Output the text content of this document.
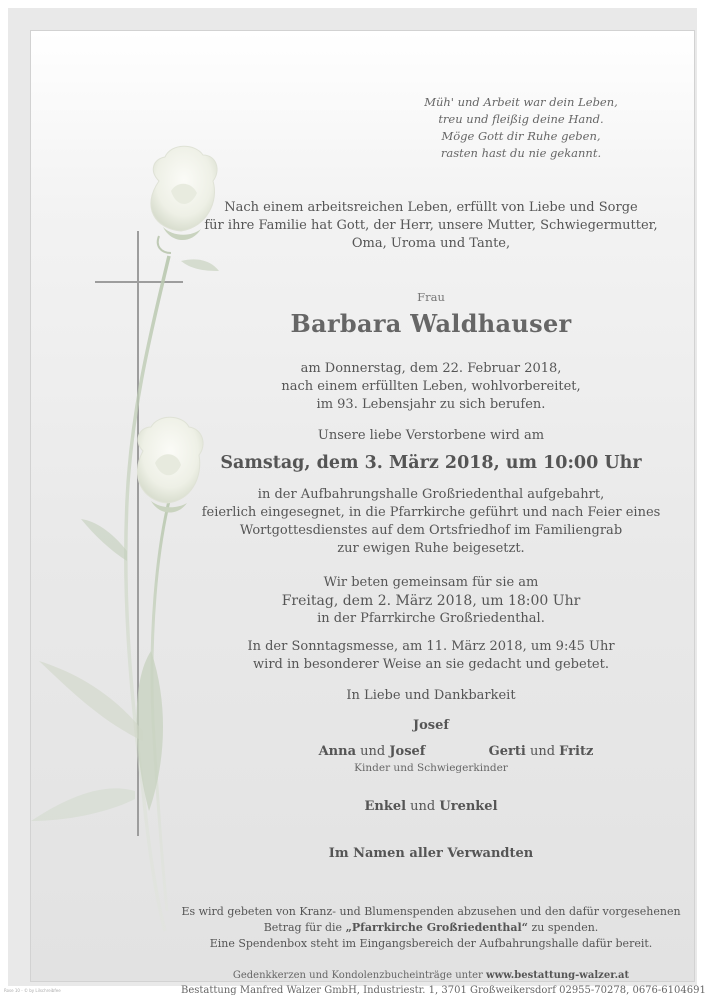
Müh' und Arbeit war dein Leben,
treu und fleißig deine Hand.
Möge Gott dir Ruhe geben,
rasten hast du nie gekannt.
Nach einem arbeitsreichen Leben, erfüllt von Liebe und Sorge
für ihre Familie hat Gott, der Herr, unsere Mutter, Schwiegermutter,
Oma, Uroma und Tante,
Frau
Barbara Waldhauser
am Donnerstag, dem 22. Februar 2018,
nach einem erfüllten Leben, wohlvorbereitet,
im 93. Lebensjahr zu sich berufen.
Unsere liebe Verstorbene wird am
Samstag, dem 3. März 2018, um 10:00 Uhr
in der Aufbahrungshalle Großriedenthal aufgebahrt,
feierlich eingesegnet, in die Pfarrkirche geführt und nach Feier eines
Wortgottesdienstes auf dem Ortsfriedhof im Familiengrab
zur ewigen Ruhe beigesetzt.
Wir beten gemeinsam für sie am
Freitag, dem 2. März 2018, um 18:00 Uhr
in der Pfarrkirche Großriedenthal.
In der Sonntagsmesse, am 11. März 2018, um 9:45 Uhr
wird in besonderer Weise an sie gedacht und gebetet.
In Liebe und Dankbarkeit
Josef
Anna und Josef	Gerti und Fritz
Kinder und Schwiegerkinder
Enkel und Urenkel
Im Namen aller Verwandten
Es wird gebeten von Kranz- und Blumenspenden abzusehen und den dafür vorgesehenen
Betrag für die „Pfarrkirche Großriedenthal“ zu spenden.
Eine Spendenbox steht im Eingangsbereich der Aufbahrungshalle dafür bereit.
Gedenkkerzen und Kondolenzbucheinträge unter www.bestattung-walzer.at
Bestattung Manfred Walzer GmbH, Industriestr. 1, 3701 Großweikersdorf 02955-70278, 0676-6104691
Rose 10 - © by Lilschreibfee
